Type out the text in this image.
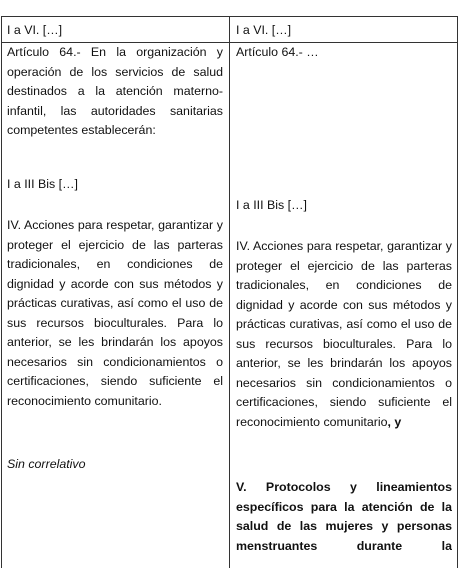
I a VI. […]	I a VI. […]
Artículo 64.- En la organización y
operación de los servicios de salud
destinados a la atención materno-
infantil, las autoridades sanitarias
competentes establecerán:
I a III Bis […]
IV. Acciones para respetar, garantizar y
proteger el ejercicio de las parteras
tradicionales, en condiciones de
dignidad y acorde con sus métodos y
prácticas curativas, así como el uso de
sus recursos bioculturales. Para lo
anterior, se les brindarán los apoyos
necesarios sin condicionamientos o
certificaciones, siendo suficiente el
reconocimiento comunitario.
Sin correlativo
Artículo 64.- …
I a III Bis […]
IV. Acciones para respetar, garantizar y
proteger el ejercicio de las parteras
tradicionales, en condiciones de
dignidad y acorde con sus métodos y
prácticas curativas, así como el uso de
sus recursos bioculturales. Para lo
anterior, se les brindarán los apoyos
necesarios sin condicionamientos o
certificaciones, siendo suficiente el
reconocimiento comunitario, y
V. Protocolos y lineamientos
específicos para la atención de la
salud de las mujeres y personas
menstruantes durante la
